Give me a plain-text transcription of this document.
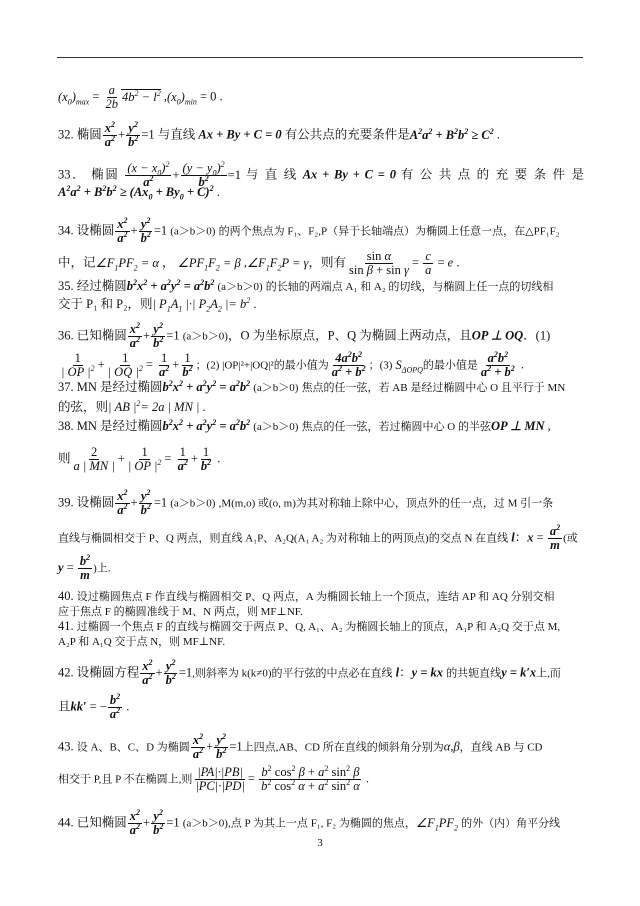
$(x_0)_{max} = \frac{a}{2b} 4b^2 - l^2$ $,(x_0)_{min} = 0$ .
32. 椭圆 $\frac{x^2}{a^2} + \frac{y^2}{b^2} =1$ 与直线 Ax + By + C = 0 有公共点的充要条件是$A^2a^2 + B^2b^2 \ge C^2$ .
33． 椭圆 $\frac{(x - x_0)^2}{a^2} + \frac{(y - y_0)^2}{b^2} =1$ 与 直 线 Ax + By + C = 0 有 公 共 点 的 充 要 条 件 是
$A^2a^2 + B^2b^2 \ge (Ax_0 + By_0 + C)^2$ .
34. 设椭圆 $\frac{x^2}{a^2} + \frac{y^2}{b^2} =1$ (a＞b＞0) 的两个焦点为 F₁、F₂,P（异于长轴端点）为椭圆上任意一点，在△PF₁F₂
中，记$\angle F_1PF_2 = \alpha$ ， $\angle PF_1F_2 = \beta$ $,\angle F_1F_2P = \gamma$，则有 $\frac{\text{sin α}}{\text{sin β + sin γ}} = \frac{c}{a} = e$ .
35. 经过椭圆$b^2x^2 + a^2y^2 = a^2b^2$ (a＞b＞0) 的长轴的两端点 A₁ 和 A₂ 的切线，与椭圆上任一点的切线相
交于 P₁ 和 P₂，则| $P_1A_1$ |·| $P_2A_2$ |= $b^2$ .
36. 已知椭圆 $\frac{x^2}{a^2} + \frac{y^2}{b^2} =1$ (a＞b＞0)，O 为坐标原点，P、Q 为椭圆上两动点，且OP ⊥ OQ．(1)
$\frac{1}{| OP |^2} + \frac{1}{| OQ |^2} = \frac{1}{a^2} + \frac{1}{b^2}$ ；(2) |OP|²+|OQ|²的最小值为 $\frac{4a^2b^2}{a^2 + b^2}$ ；(3) $S_{\Delta OPQ}$的最小值是 $\frac{a^2b^2}{a^2 + b^2}$ .
37. MN 是经过椭圆$b^2x^2 + a^2y^2 = a^2b^2$ (a＞b＞0) 焦点的任一弦，若 AB 是经过椭圆中心 O 且平行于 MN
的弦，则| AB $|^2= 2a$ | MN | .
38. MN 是经过椭圆$b^2x^2 + a^2y^2 = a^2b^2$ (a＞b＞0) 焦点的任一弦，若过椭圆中心 O 的半弦OP ⊥ MN ,
则 $\frac{2}{a | MN |} + \frac{1}{| OP |^2} = \frac{1}{a^2} + \frac{1}{b^2}$ .
39. 设椭圆 $\frac{x^2}{a^2} + \frac{y^2}{b^2} =1$ (a＞b＞0) ,M(m,o) 或(o, m)为其对称轴上除中心，顶点外的任一点，过 M 引一条
直线与椭圆相交于 P、Q 两点，则直线 A₁P、A₂Q(A₁ A₂ 为对称轴上的两顶点)的交点 N 在直线 l：$x = \frac{a^2}{m}$ (或
$y = \frac{b^2}{m}$ )上.
40. 设过椭圆焦点 F 作直线与椭圆相交 P、Q 两点，A 为椭圆长轴上一个顶点，连结 AP 和 AQ 分别交相
应于焦点 F 的椭圆准线于 M、N 两点，则 MF⊥NF.
41. 过椭圆一个焦点 F 的直线与椭圆交于两点 P、Q, A₁、A₂ 为椭圆长轴上的顶点，A₁P 和 A₂Q 交于点 M,
A₂P 和 A₁Q 交于点 N，则 MF⊥NF.
42. 设椭圆方程 $\frac{x^2}{a^2} + \frac{y^2}{b^2} =1$,则斜率为 k(k≠0)的平行弦的中点必在直线 l：y = kx 的共轭直线y = k′x上,而
且kk′ = − $\frac{b^2}{a^2}$ .
43. 设 A、B、C、D 为椭圆 $\frac{x^2}{a^2} + \frac{y^2}{b^2} =1$上四点,AB、CD 所在直线的倾斜角分别为α,β，直线 AB 与 CD
相交于 P,且 P 不在椭圆上,则 $\frac{|PA|\cdot|PB|}{|PC|\cdot|PD|} = \frac{b^2 \cos^2 \beta + a^2 \sin^2 \beta}{b^2 \cos^2 \alpha + a^2 \sin^2 \alpha}$ .
44. 已知椭圆 $\frac{x^2}{a^2} + \frac{y^2}{b^2} =1$ (a＞b＞0),点 P 为其上一点 F₁, F₂ 为椭圆的焦点，$\angle F_1PF_2$ 的外（内）角平分线
3
